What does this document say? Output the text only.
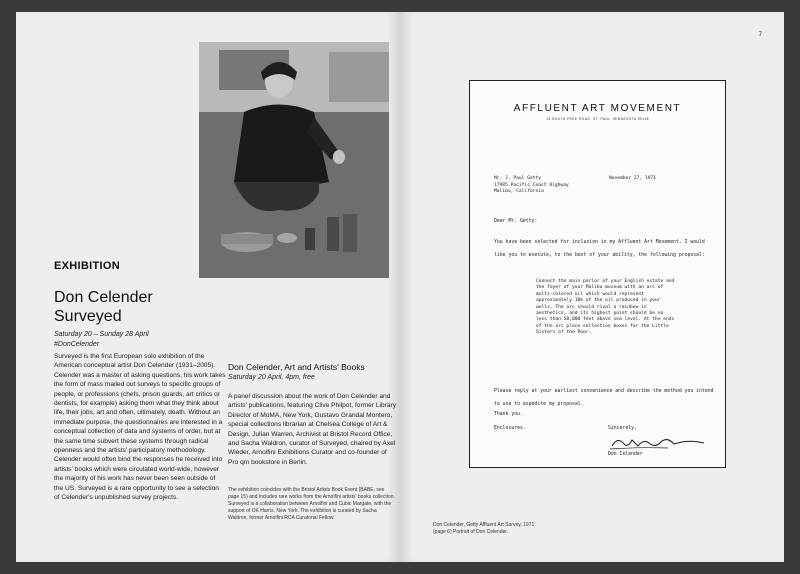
EXHIBITION
Don Celender Surveyed
Saturday 20 – Sunday 28 April
#DonCelender
Surveyed is the first European solo exhibition of the American conceptual artist Don Celender (1931–2005). Celender was a master of asking questions, his work takes the form of mass mailed out surveys to specific groups of people, or professions (chefs, prison guards, art critics or dentists, for example) asking them what they think about life, their jobs, art and often, ultimately, death. Without an immediate purpose, the questionnaires are interested in a conceptual collection of data and systems of order, but at the same time subvert these systems through radical openness and the artists' participatory methodology. Celender would often bind the responses he received into artists' books which were circulated world-wide, however the majority of his work has never been seen outside of the US. Surveyed is a rare opportunity to see a selection of Celender's unpublished survey projects.
Don Celender, Art and Artists' Books
Saturday 20 April, 4pm, free
A panel discussion about the work of Don Celender and artists' publications, featuring Clive Philpot, former Library Director of MoMA, New York, Gustavo Grandal Montero, special collections librarian at Chelsea College of Art & Design, Julian Warren, Archivist at Bristol Record Office, and Sacha Waldron, curator of Surveyed, chaired by Axel Wieder, Arnolfini Exhibitions Curator and co-founder of Pro qm bookstore in Berlin.
The exhibition coincides with the Bristol Artists Book Event (BABE, see page 15) and includes rare works from the Arnolfini artists' books collection. Surveyed is a collaboration between Arnolfini and Cubic Margate, with the support of OK Harris, New York. The exhibition is curated by Sacha Waldron, former Arnolfini RCA Curatorial Fellow.
7
AFFLUENT ART MOVEMENT
15 SOUTH FREE ROAD, ST. PAUL, MINNESOTA 55118
Mr. J. Paul Getty
17985 Pacific Coast Highway
Malibu, California
November 27, 1971
Dear Mr. Getty:
You have been selected for inclusion in my Affluent Art Movement. I would like you to execute, to the best of your ability, the following proposal:
Connect the main parlor of your English estate and the foyer of your Malibu museum with an arc of multi-colored oil which would represent approximately 10% of the oil produced in your wells. The arc should rival a rainbow in aesthetics, and its highest point should be no less than 50,000 feet above sea level. At the ends of the arc place collection boxes for the Little Sisters of the Poor.
Please reply at your earliest convenience and describe the method you intend to use to expedite my proposal.
Thank you.
Enclosures.	Sincerely,
Don Celender
Don Celender, Getty Affluent Art Survey, 1971.
(page 6) Portrait of Don Celender.
